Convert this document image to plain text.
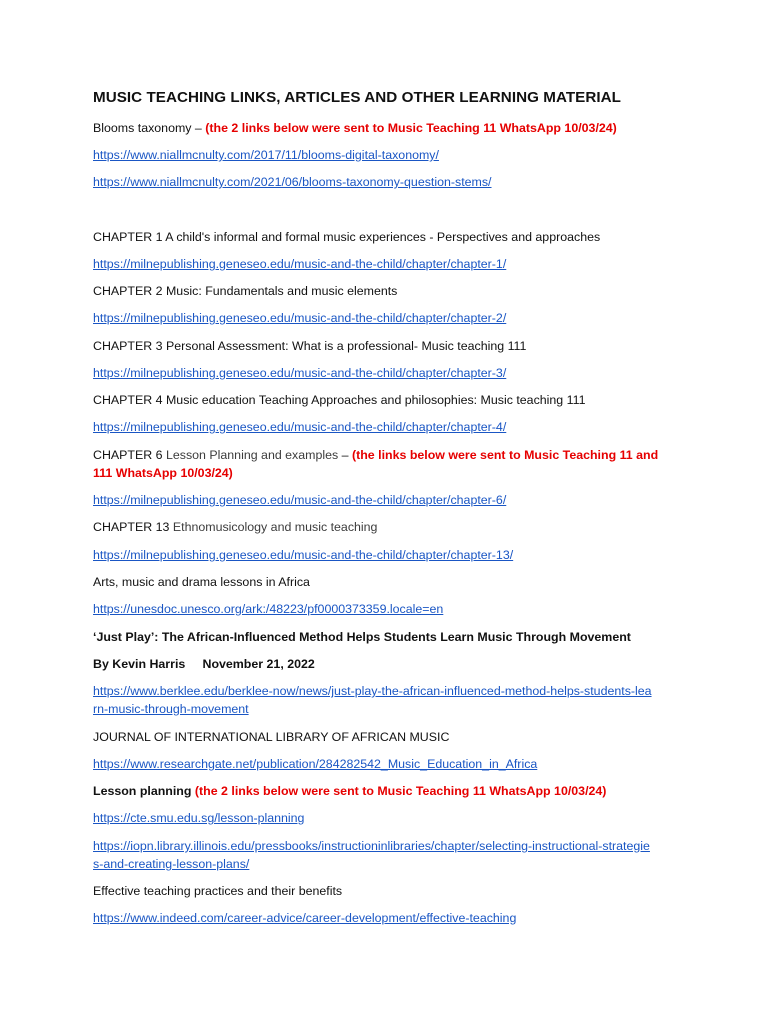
MUSIC TEACHING LINKS, ARTICLES AND OTHER LEARNING MATERIAL
Blooms taxonomy – (the 2 links below were sent to Music Teaching 11 WhatsApp 10/03/24)
https://www.niallmcnulty.com/2017/11/blooms-digital-taxonomy/
https://www.niallmcnulty.com/2021/06/blooms-taxonomy-question-stems/
CHAPTER 1 A child's informal and formal music experiences - Perspectives and approaches
https://milnepublishing.geneseo.edu/music-and-the-child/chapter/chapter-1/
CHAPTER 2 Music: Fundamentals and music elements
https://milnepublishing.geneseo.edu/music-and-the-child/chapter/chapter-2/
CHAPTER 3 Personal Assessment: What is a professional- Music teaching 111
https://milnepublishing.geneseo.edu/music-and-the-child/chapter/chapter-3/
CHAPTER 4 Music education Teaching Approaches and philosophies: Music teaching 111
https://milnepublishing.geneseo.edu/music-and-the-child/chapter/chapter-4/
CHAPTER 6 Lesson Planning and examples – (the links below were sent to Music Teaching 11 and 111 WhatsApp 10/03/24)
https://milnepublishing.geneseo.edu/music-and-the-child/chapter/chapter-6/
CHAPTER 13 Ethnomusicology and music teaching
https://milnepublishing.geneseo.edu/music-and-the-child/chapter/chapter-13/
Arts, music and drama lessons in Africa
https://unesdoc.unesco.org/ark:/48223/pf0000373359.locale=en
‘Just Play’: The African-Influenced Method Helps Students Learn Music Through Movement
By Kevin Harris     November 21, 2022
https://www.berklee.edu/berklee-now/news/just-play-the-african-influenced-method-helps-students-learn-music-through-movement
JOURNAL OF INTERNATIONAL LIBRARY OF AFRICAN MUSIC
https://www.researchgate.net/publication/284282542_Music_Education_in_Africa
Lesson planning (the 2 links below were sent to Music Teaching 11 WhatsApp 10/03/24)
https://cte.smu.edu.sg/lesson-planning
https://iopn.library.illinois.edu/pressbooks/instructioninlibraries/chapter/selecting-instructional-strategies-and-creating-lesson-plans/
Effective teaching practices and their benefits
https://www.indeed.com/career-advice/career-development/effective-teaching
